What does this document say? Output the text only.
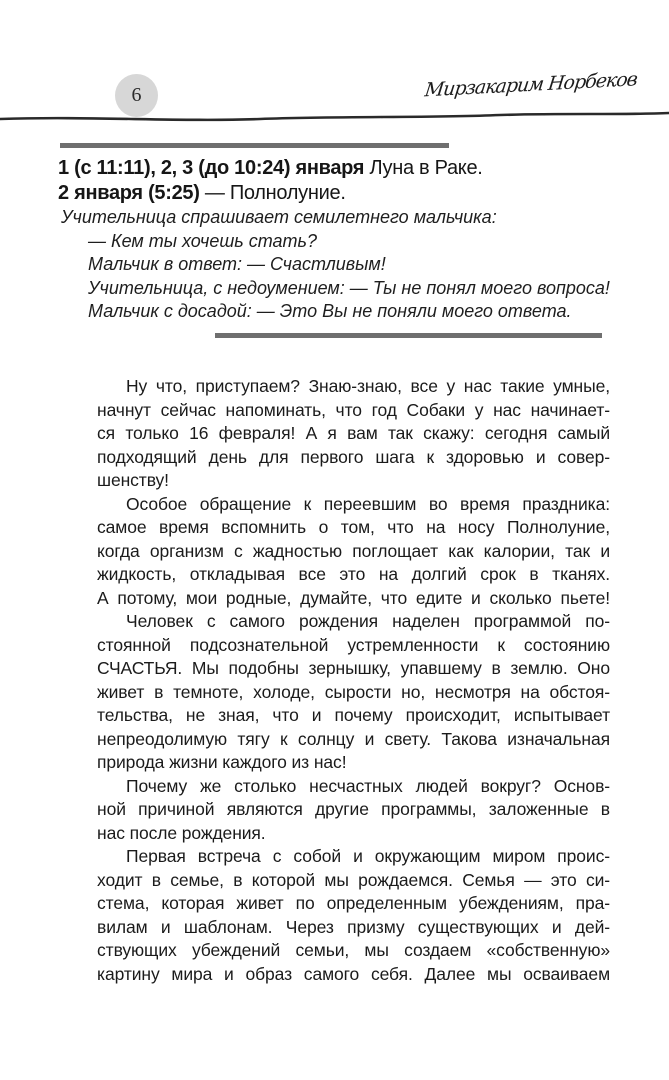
6	Мирзакарим Норбеков
1 (с 11:11), 2, 3 (до 10:24) января Луна в Раке.
2 января (5:25) — Полнолуние.
Учительница спрашивает семилетнего мальчика:
— Кем ты хочешь стать?
Мальчик в ответ: — Счастливым!
Учительница, с недоумением: — Ты не понял моего вопроса!
Мальчик с досадой: — Это Вы не поняли моего ответа.
Ну что, приступаем? Знаю-знаю, все у нас такие умные,
начнут сейчас напоминать, что год Собаки у нас начинает-
ся только 16 февраля! А я вам так скажу: сегодня самый
подходящий день для первого шага к здоровью и совер-
шенству!
Особое обращение к переевшим во время праздника:
самое время вспомнить о том, что на носу Полнолуние,
когда организм с жадностью поглощает как калории, так и
жидкость, откладывая все это на долгий срок в тканях.
А потому, мои родные, думайте, что едите и сколько пьете!
Человек с самого рождения наделен программой по-
стоянной подсознательной устремленности к состоянию
СЧАСТЬЯ. Мы подобны зернышку, упавшему в землю. Оно
живет в темноте, холоде, сырости но, несмотря на обстоя-
тельства, не зная, что и почему происходит, испытывает
непреодолимую тягу к солнцу и свету. Такова изначальная
природа жизни каждого из нас!
Почему же столько несчастных людей вокруг? Основ-
ной причиной являются другие программы, заложенные в
нас после рождения.
Первая встреча с собой и окружающим миром проис-
ходит в семье, в которой мы рождаемся. Семья — это си-
стема, которая живет по определенным убеждениям, пра-
вилам и шаблонам. Через призму существующих и дей-
ствующих убеждений семьи, мы создаем «собственную»
картину мира и образ самого себя. Далее мы осваиваем
